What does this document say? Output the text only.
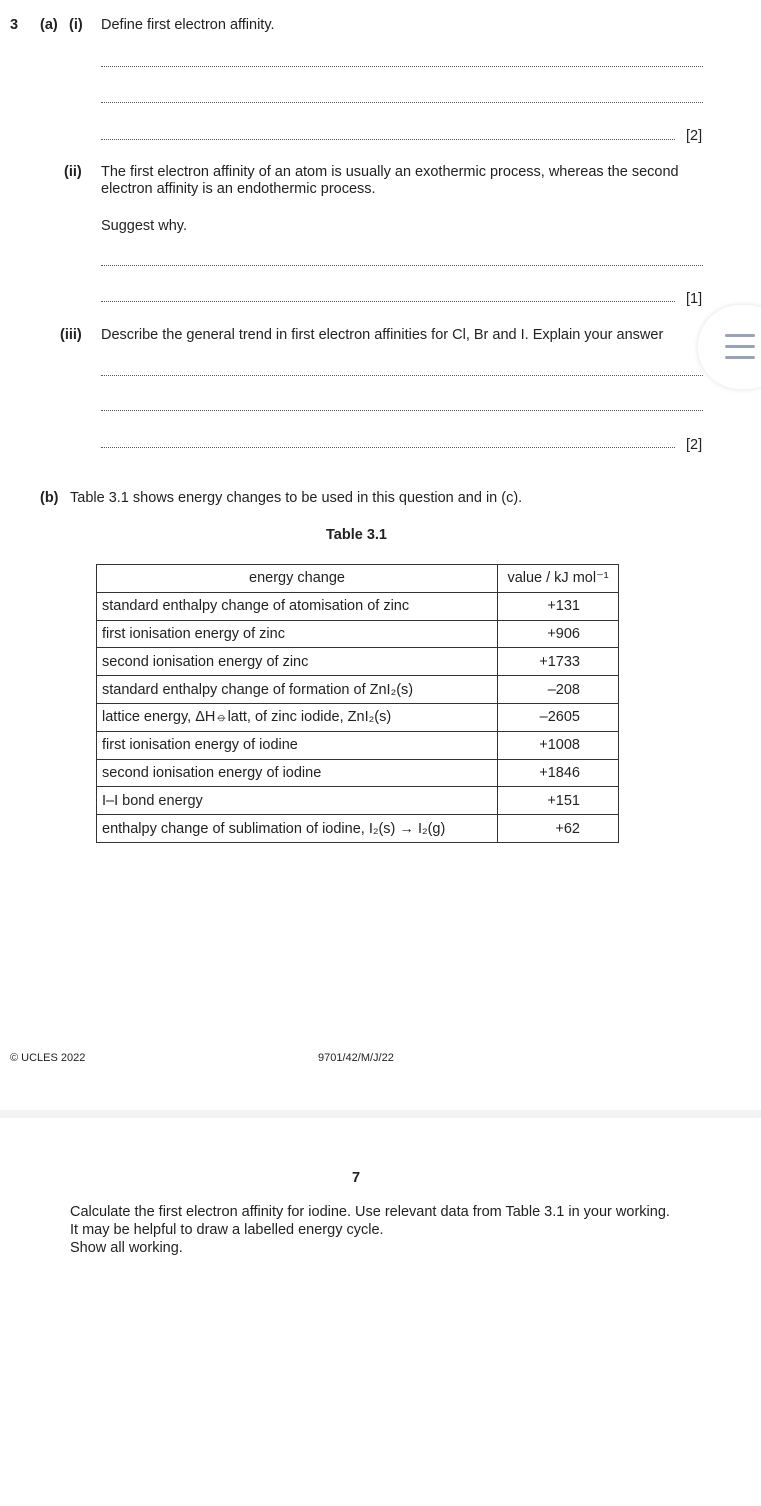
3 (a) (i) Define first electron affinity.
[2]
(ii) The first electron affinity of an atom is usually an exothermic process, whereas the second
electron affinity is an endothermic process.
Suggest why.
[1]
(iii) Describe the general trend in first electron affinities for Cl, Br and I. Explain your answer
[2]
(b) Table 3.1 shows energy changes to be used in this question and in (c).
Table 3.1
energy change	value / kJ mol⁻¹
standard enthalpy change of atomisation of zinc	+131
first ionisation energy of zinc	+906
second ionisation energy of zinc	+1733
standard enthalpy change of formation of ZnI₂(s)	–208
lattice energy, ΔH⦵latt, of zinc iodide, ZnI₂(s)	–2605
first ionisation energy of iodine	+1008
second ionisation energy of iodine	+1846
I–I bond energy	+151
enthalpy change of sublimation of iodine, I₂(s) → I₂(g)	+62
© UCLES 2022	9701/42/M/J/22
7
Calculate the first electron affinity for iodine. Use relevant data from Table 3.1 in your working.
It may be helpful to draw a labelled energy cycle.
Show all working.
